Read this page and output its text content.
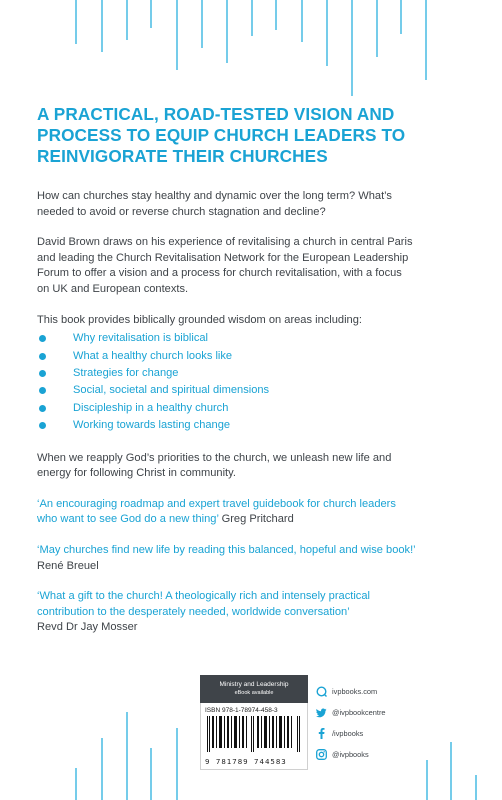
A PRACTICAL, ROAD-TESTED VISION AND
PROCESS TO EQUIP CHURCH LEADERS TO
REINVIGORATE THEIR CHURCHES

How can churches stay healthy and dynamic over the long term? What’s
needed to avoid or reverse church stagnation and decline?

David Brown draws on his experience of revitalising a church in central Paris
and leading the Church Revitalisation Network for the European Leadership
Forum to offer a vision and a process for church revitalisation, with a focus
on UK and European contexts.

This book provides biblically grounded wisdom on areas including:

Why revitalisation is biblical
What a healthy church looks like
Strategies for change
Social, societal and spiritual dimensions
Discipleship in a healthy church
Working towards lasting change

When we reapply God’s priorities to the church, we unleash new life and
energy for following Christ in community.

‘An encouraging roadmap and expert travel guidebook for church leaders
who want to see God do a new thing’ Greg Pritchard
‘May churches find new life by reading this balanced, hopeful and wise book!’
René Breuel
‘What a gift to the church! A theologically rich and intensely practical
contribution to the desperately needed, worldwide conversation’
Revd Dr Jay Mosser
Ministry and Leadership
eBook available
ISBN 978-1-78974-458-3
9 781789 744583
ivpbooks.com
@ivpbookcentre
/ivpbooks
@ivpbooks
